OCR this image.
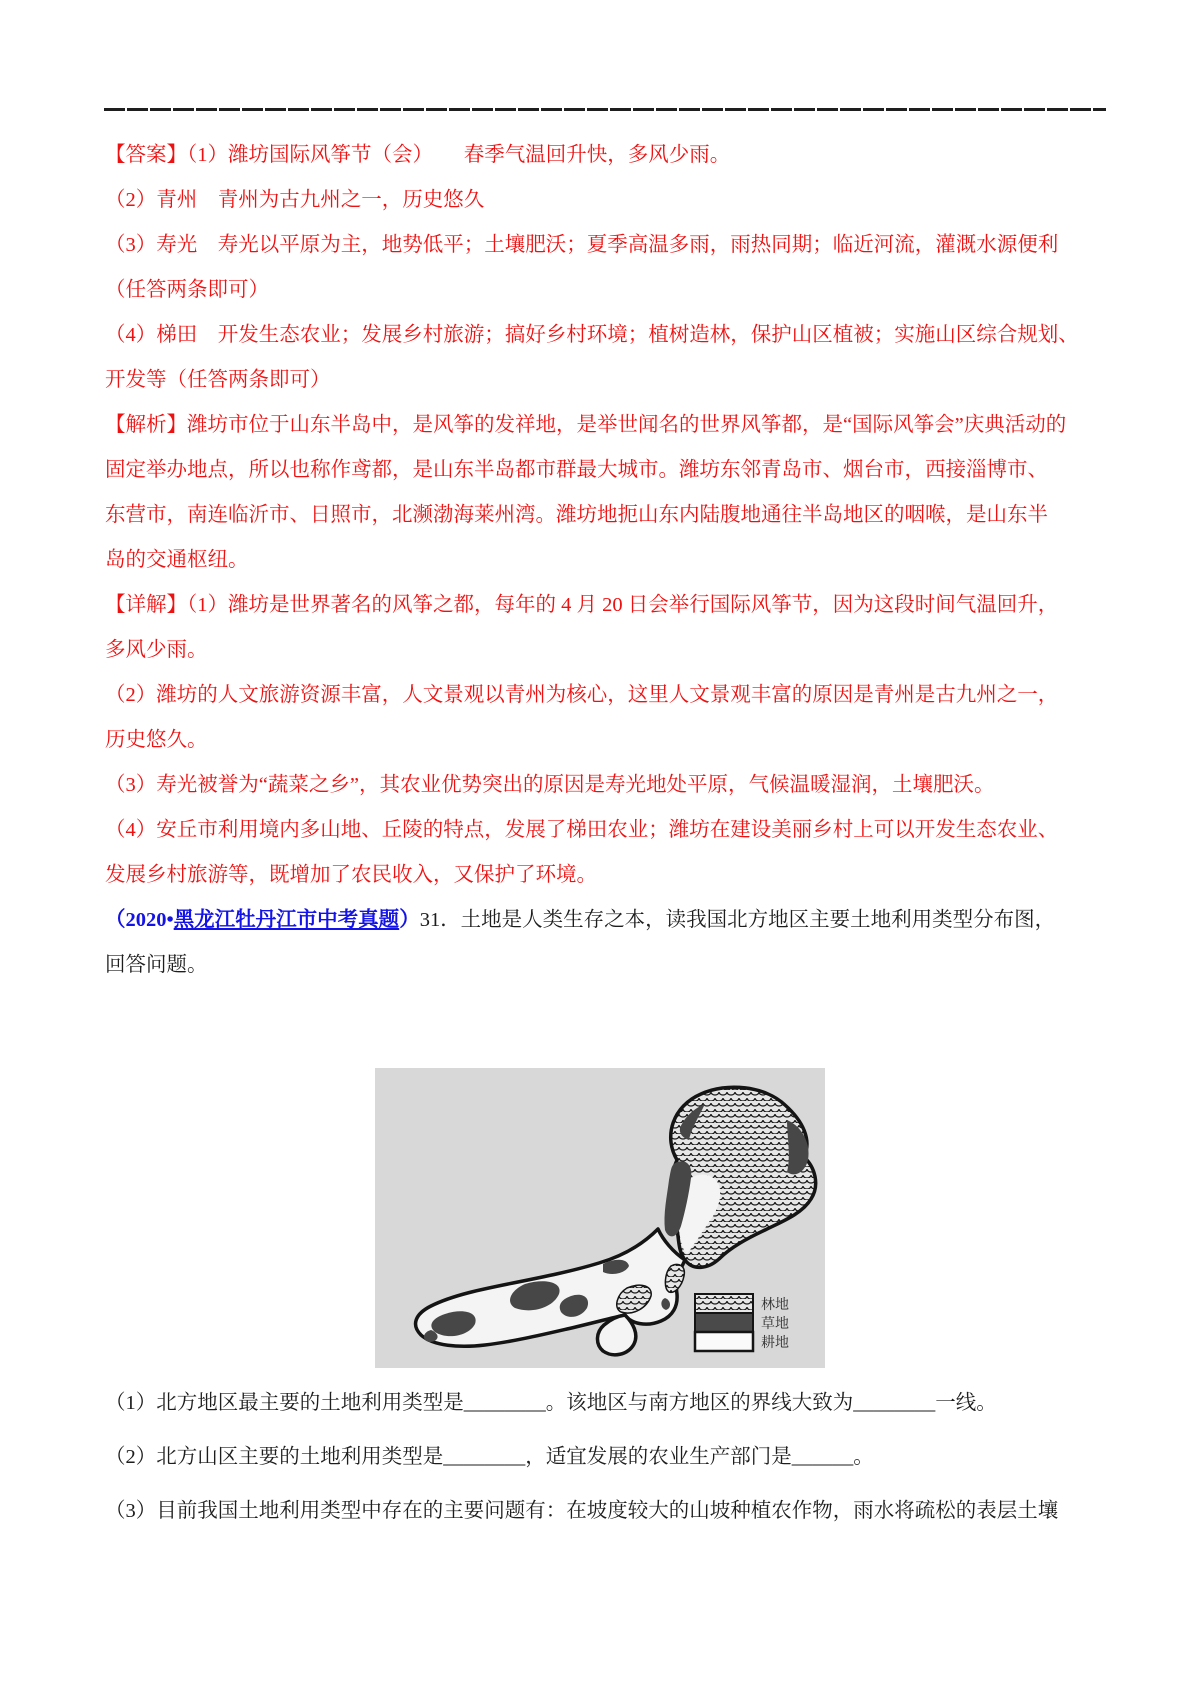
【答案】（1）潍坊国际风筝节（会）　　春季气温回升快，多风少雨。
（2）青州　青州为古九州之一，历史悠久
（3）寿光　寿光以平原为主，地势低平；土壤肥沃；夏季高温多雨，雨热同期；临近河流，灌溉水源便利
（任答两条即可）
（4）梯田　开发生态农业；发展乡村旅游；搞好乡村环境；植树造林，保护山区植被；实施山区综合规划、
开发等（任答两条即可）
【解析】潍坊市位于山东半岛中，是风筝的发祥地，是举世闻名的世界风筝都，是“国际风筝会”庆典活动的
固定举办地点，所以也称作鸢都，是山东半岛都市群最大城市。潍坊东邻青岛市、烟台市，西接淄博市、
东营市，南连临沂市、日照市，北濒渤海莱州湾。潍坊地扼山东内陆腹地通往半岛地区的咽喉，是山东半
岛的交通枢纽。
【详解】（1）潍坊是世界著名的风筝之都，每年的 4 月 20 日会举行国际风筝节，因为这段时间气温回升，
多风少雨。
（2）潍坊的人文旅游资源丰富，人文景观以青州为核心，这里人文景观丰富的原因是青州是古九州之一，
历史悠久。
（3）寿光被誉为“蔬菜之乡”，其农业优势突出的原因是寿光地处平原，气候温暖湿润，土壤肥沃。
（4）安丘市利用境内多山地、丘陵的特点，发展了梯田农业；潍坊在建设美丽乡村上可以开发生态农业、
发展乡村旅游等，既增加了农民收入，又保护了环境。
（2020•黑龙江牡丹江市中考真题）31．土地是人类生存之本，读我国北方地区主要土地利用类型分布图，
回答问题。
林地
草地
耕地
（1）北方地区最主要的土地利用类型是________。该地区与南方地区的界线大致为________一线。
（2）北方山区主要的土地利用类型是________，适宜发展的农业生产部门是______。
（3）目前我国土地利用类型中存在的主要问题有：在坡度较大的山坡种植农作物，雨水将疏松的表层土壤
